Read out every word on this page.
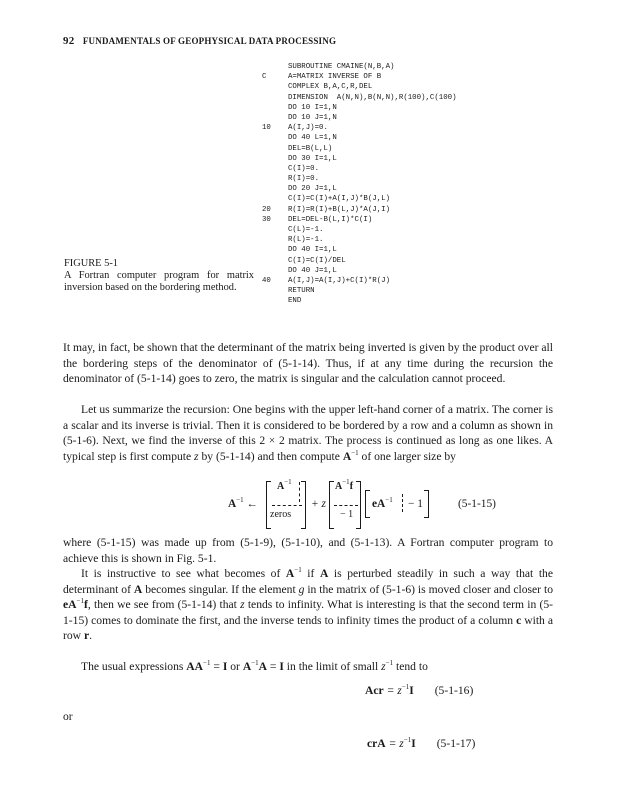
92 FUNDAMENTALS OF GEOPHYSICAL DATA PROCESSING
SUBROUTINE CMAINE(N,B,A)
C	A=MATRIX INVERSE OF B
COMPLEX B,A,C,R,DEL
DIMENSION  A(N,N),B(N,N),R(100),C(100)
DO 10 I=1,N
DO 10 J=1,N
10	A(I,J)=0.
DO 40 L=1,N
DEL=B(L,L)
DO 30 I=1,L
C(I)=0.
R(I)=0.
DO 20 J=1,L
C(I)=C(I)+A(I,J)*B(J,L)
20	R(I)=R(I)+B(L,J)*A(J,I)
30	DEL=DEL-B(L,I)*C(I)
C(L)=-1.
R(L)=-1.
DO 40 I=1,L
C(I)=C(I)/DEL
DO 40 J=1,L
40	A(I,J)=A(I,J)+C(I)*R(J)
RETURN
END

FIGURE 5-1

A Fortran computer program for matrix inversion based on the bordering method.

It may, in fact, be shown that the determinant of the matrix being inverted is given by the product over all the bordering steps of the denominator of (5-1-14). Thus, if at any time during the recursion the denominator of (5-1-14) goes to zero, the matrix is singular and the calculation cannot proceed.

Let us summarize the recursion: One begins with the upper left-hand corner of a matrix. The corner is a scalar and its inverse is trivial. Then it is considered to be bordered by a row and a column as shown in (5-1-6). Next, we find the inverse of this 2 × 2 matrix. The process is continued as long as one likes. A typical step is first compute z by (5-1-14) and then compute $A^{-1}$ of one larger size by

$A^{-1}$ ←
$A^{-1}$
zeros
+ z
$A^{-1}f$
− 1
$eA^{-1} - 1$	(5-1-15)

where (5-1-15) was made up from (5-1-9), (5-1-10), and (5-1-13). A Fortran computer program to achieve this is shown in Fig. 5-1.

It is instructive to see what becomes of $A^{-1}$ if A is perturbed steadily in such a way that the determinant of A becomes singular. If the element g in the matrix of (5-1-6) is moved closer and closer to $eA^{-1}f$, then we see from (5-1-14) that z tends to infinity. What is interesting is that the second term in (5-1-15) comes to dominate the first, and the inverse tends to infinity times the product of a column c with a row r.

The usual expressions $AA^{-1} = I$ or $A^{-1}A = I$ in the limit of small $z^{-1}$ tend to

Acr = $z^{-1}I$ (5-1-16)
or
crA = $z^{-1}I$ (5-1-17)
